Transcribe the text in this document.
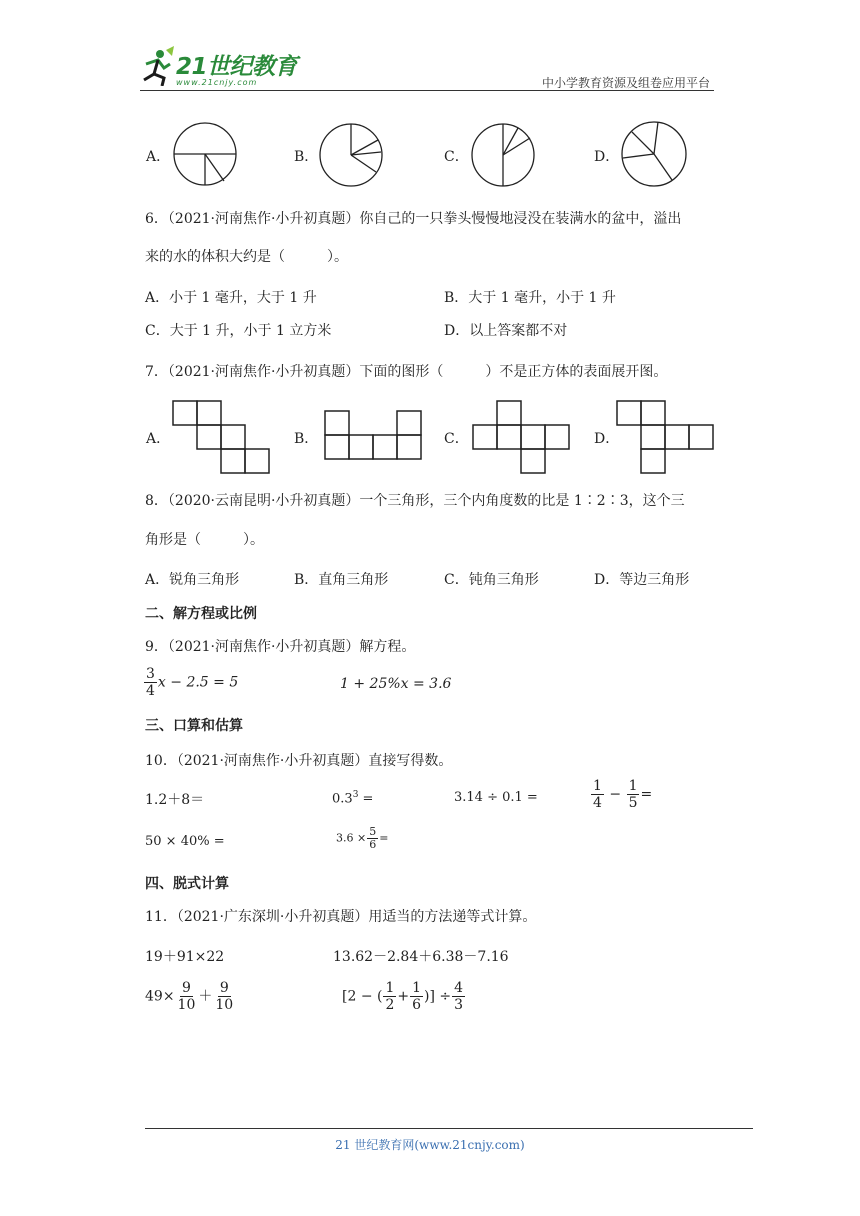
21世纪教育
www.21cnjy.com	中小学教育资源及组卷应用平台
A．	B．	C．	D．
6．（2021·河南焦作·小升初真题）你自己的一只拳头慢慢地浸没在装满水的盆中，溢出
来的水的体积大约是（　　　）。
A．小于 1 毫升，大于 1 升	B．大于 1 毫升，小于 1 升
C．大于 1 升，小于 1 立方米	D．以上答案都不对
7．（2021·河南焦作·小升初真题）下面的图形（　　　）不是正方体的表面展开图。
A．	B．	C．	D．
8．（2020·云南昆明·小升初真题）一个三角形，三个内角度数的比是 1∶2∶3，这个三
角形是（　　　）。
A．锐角三角形	B．直角三角形	C．钝角三角形	D．等边三角形
二、解方程或比例
9．（2021·河南焦作·小升初真题）解方程。
$\frac{3}{4}$ x − 2.5 = 5	1 + 25%x = 3.6
三、口算和估算
10．（2021·河南焦作·小升初真题）直接写得数。
1.2＋8＝	$0.3^3$ =	3.14 ÷ 0.1 =	$\frac{1}{4} - \frac{1}{5}$ =
50 × 40% =	$3.6 \times \frac{5}{6}$ =
四、脱式计算
11．（2021·广东深圳·小升初真题）用适当的方法递等式计算。
19＋91×22	13.62－2.84＋6.38－7.16
$49\times \frac{9}{10} + \frac{9}{10}$	[2 − ( $\frac{1}{2} + \frac{1}{6}$ )] ÷ $\frac{4}{3}$
21 世纪教育网(www.21cnjy.com)
